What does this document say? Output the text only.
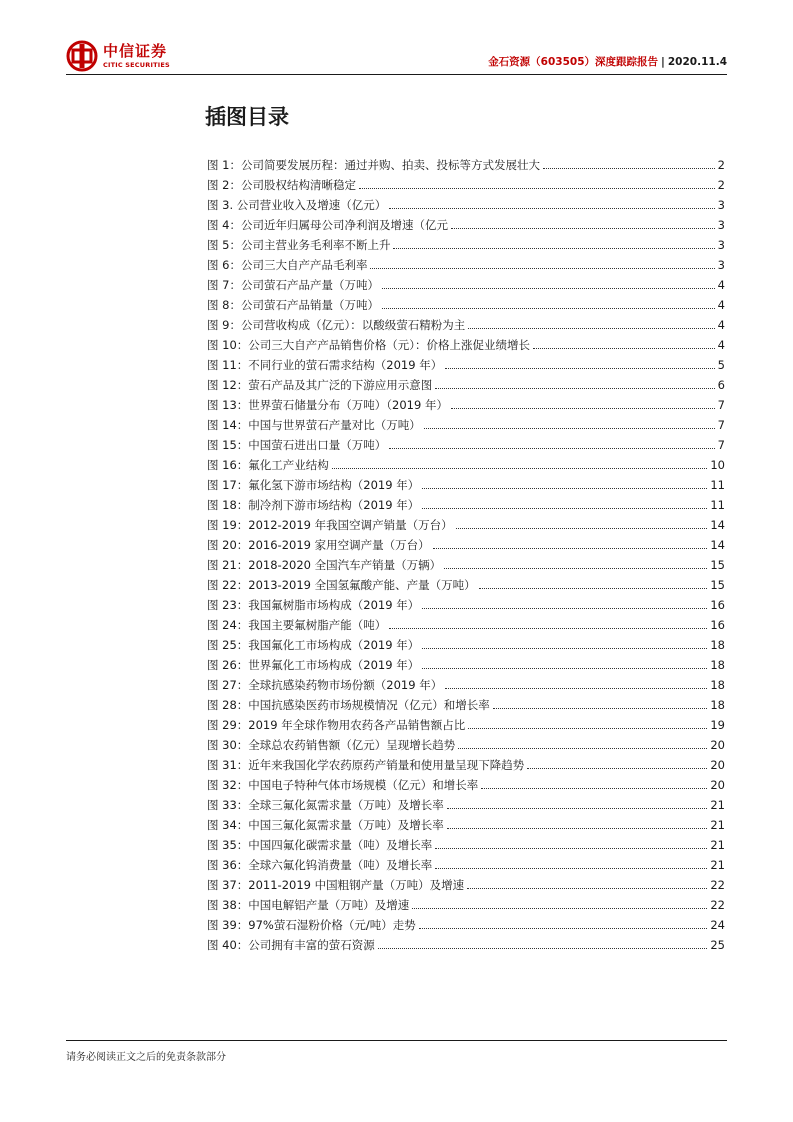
中信证券
CITIC SECURITIES	金石资源（603505）深度跟踪报告 | 2020.11.4
插图目录
图 1：公司简要发展历程：通过并购、拍卖、投标等方式发展壮大	2
图 2：公司股权结构清晰稳定	2
图 3. 公司营业收入及增速（亿元）	3
图 4：公司近年归属母公司净利润及增速（亿元	3
图 5：公司主营业务毛利率不断上升	3
图 6：公司三大自产产品毛利率	3
图 7：公司萤石产品产量（万吨）	4
图 8：公司萤石产品销量（万吨）	4
图 9：公司营收构成（亿元）：以酸级萤石精粉为主	4
图 10：公司三大自产产品销售价格（元）：价格上涨促业绩增长	4
图 11：不同行业的萤石需求结构（2019 年）	5
图 12：萤石产品及其广泛的下游应用示意图	6
图 13：世界萤石储量分布（万吨）（2019 年）	7
图 14：中国与世界萤石产量对比（万吨）	7
图 15：中国萤石进出口量（万吨）	7
图 16：氟化工产业结构	10
图 17：氟化氢下游市场结构（2019 年）	11
图 18：制冷剂下游市场结构（2019 年）	11
图 19：2012-2019 年我国空调产销量（万台）	14
图 20：2016-2019 家用空调产量（万台）	14
图 21：2018-2020 全国汽车产销量（万辆）	15
图 22：2013-2019 全国氢氟酸产能、产量（万吨）	15
图 23：我国氟树脂市场构成（2019 年）	16
图 24：我国主要氟树脂产能（吨）	16
图 25：我国氟化工市场构成（2019 年）	18
图 26：世界氟化工市场构成（2019 年）	18
图 27：全球抗感染药物市场份额（2019 年）	18
图 28：中国抗感染医药市场规模情况（亿元）和增长率	18
图 29：2019 年全球作物用农药各产品销售额占比	19
图 30：全球总农药销售额（亿元）呈现增长趋势	20
图 31：近年来我国化学农药原药产销量和使用量呈现下降趋势	20
图 32：中国电子特种气体市场规模（亿元）和增长率	20
图 33：全球三氟化氮需求量（万吨）及增长率	21
图 34：中国三氟化氮需求量（万吨）及增长率	21
图 35：中国四氟化碳需求量（吨）及增长率	21
图 36：全球六氟化钨消费量（吨）及增长率	21
图 37：2011-2019 中国粗钢产量（万吨）及增速	22
图 38：中国电解铝产量（万吨）及增速	22
图 39：97%萤石湿粉价格（元/吨）走势	24
图 40：公司拥有丰富的萤石资源	25
请务必阅读正文之后的免责条款部分
